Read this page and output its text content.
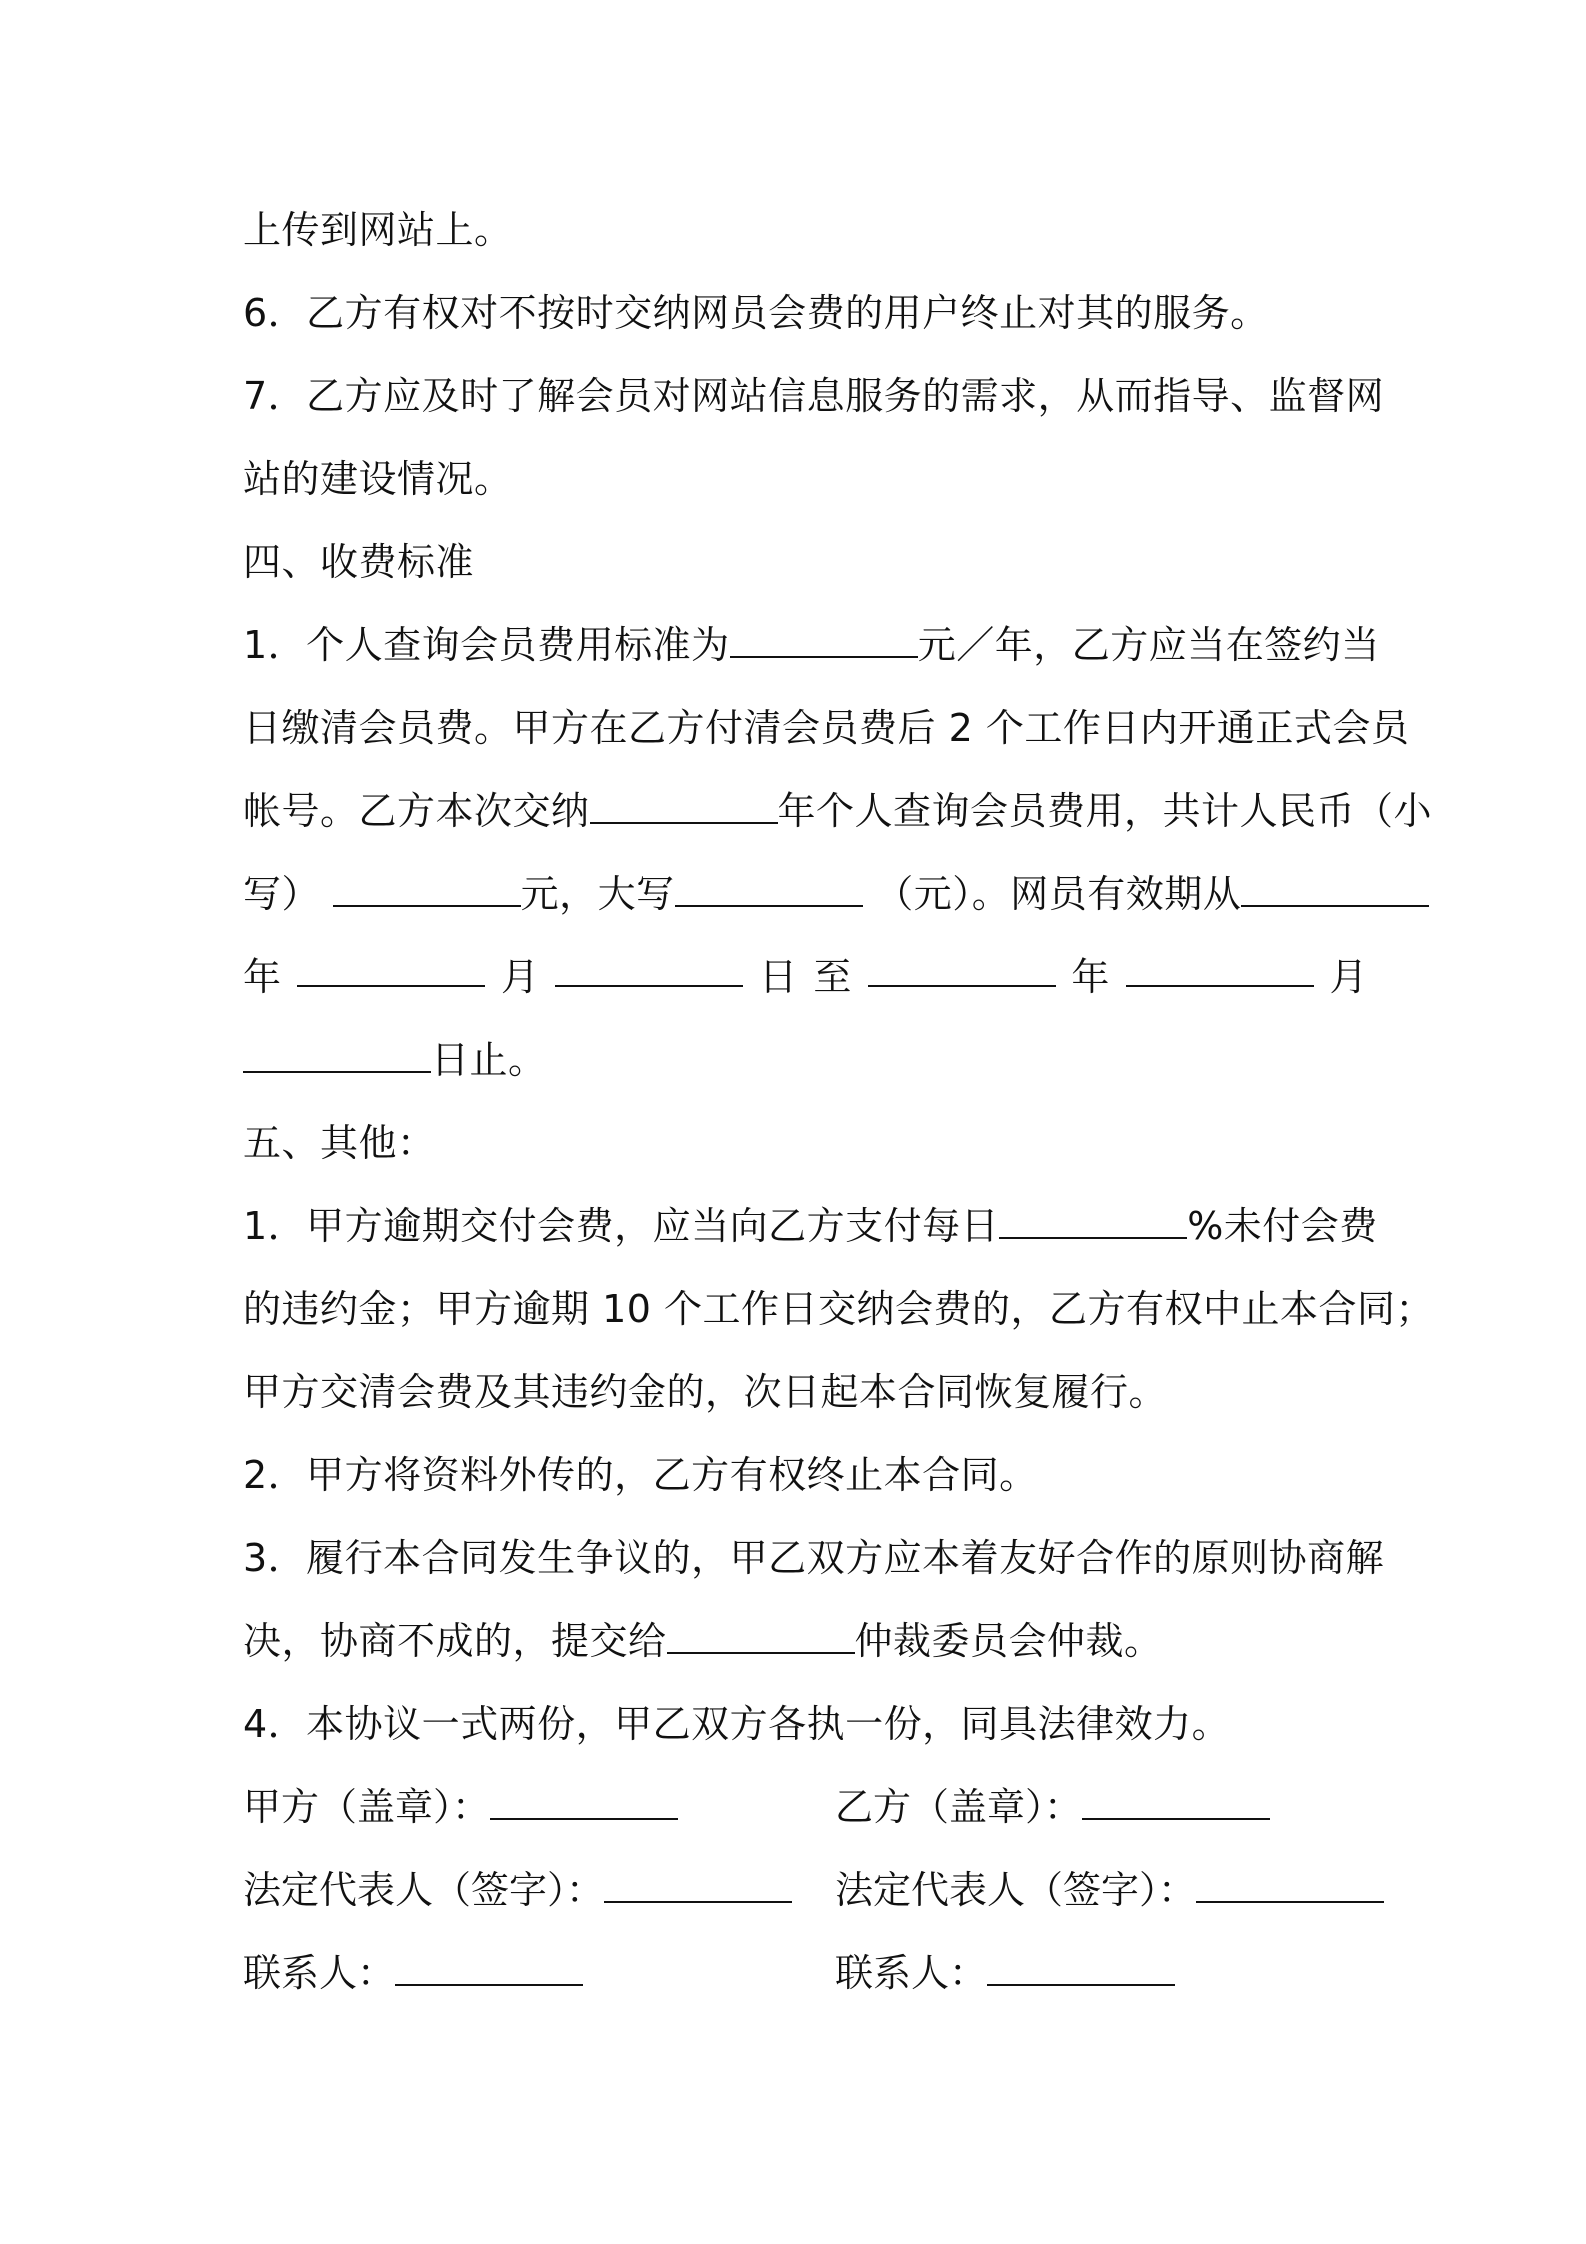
上传到网站上。
6．乙方有权对不按时交纳网员会费的用户终止对其的服务。
7．乙方应及时了解会员对网站信息服务的需求，从而指导、监督网
站的建设情况。
四、收费标准
1．个人查询会员费用标准为	元／年，乙方应当在签约当
日缴清会员费。甲方在乙方付清会员费后 2 个工作日内开通正式会员
帐号。乙方本次交纳	年个人查询会员费用，共计人民币（小
写）	元，大写	（元）。网员有效期从
年	月	日 至	年	月
日止。
五、其他：
1．甲方逾期交付会费，应当向乙方支付每日	%未付会费
的违约金；甲方逾期 10 个工作日交纳会费的，乙方有权中止本合同；
甲方交清会费及其违约金的，次日起本合同恢复履行。
2．甲方将资料外传的，乙方有权终止本合同。
3．履行本合同发生争议的，甲乙双方应本着友好合作的原则协商解
决，协商不成的，提交给	仲裁委员会仲裁。
4．本协议一式两份，甲乙双方各执一份，同具法律效力。
甲方（盖章）：	乙方（盖章）：
法定代表人（签字）：	法定代表人（签字）：
联系人：	联系人：
